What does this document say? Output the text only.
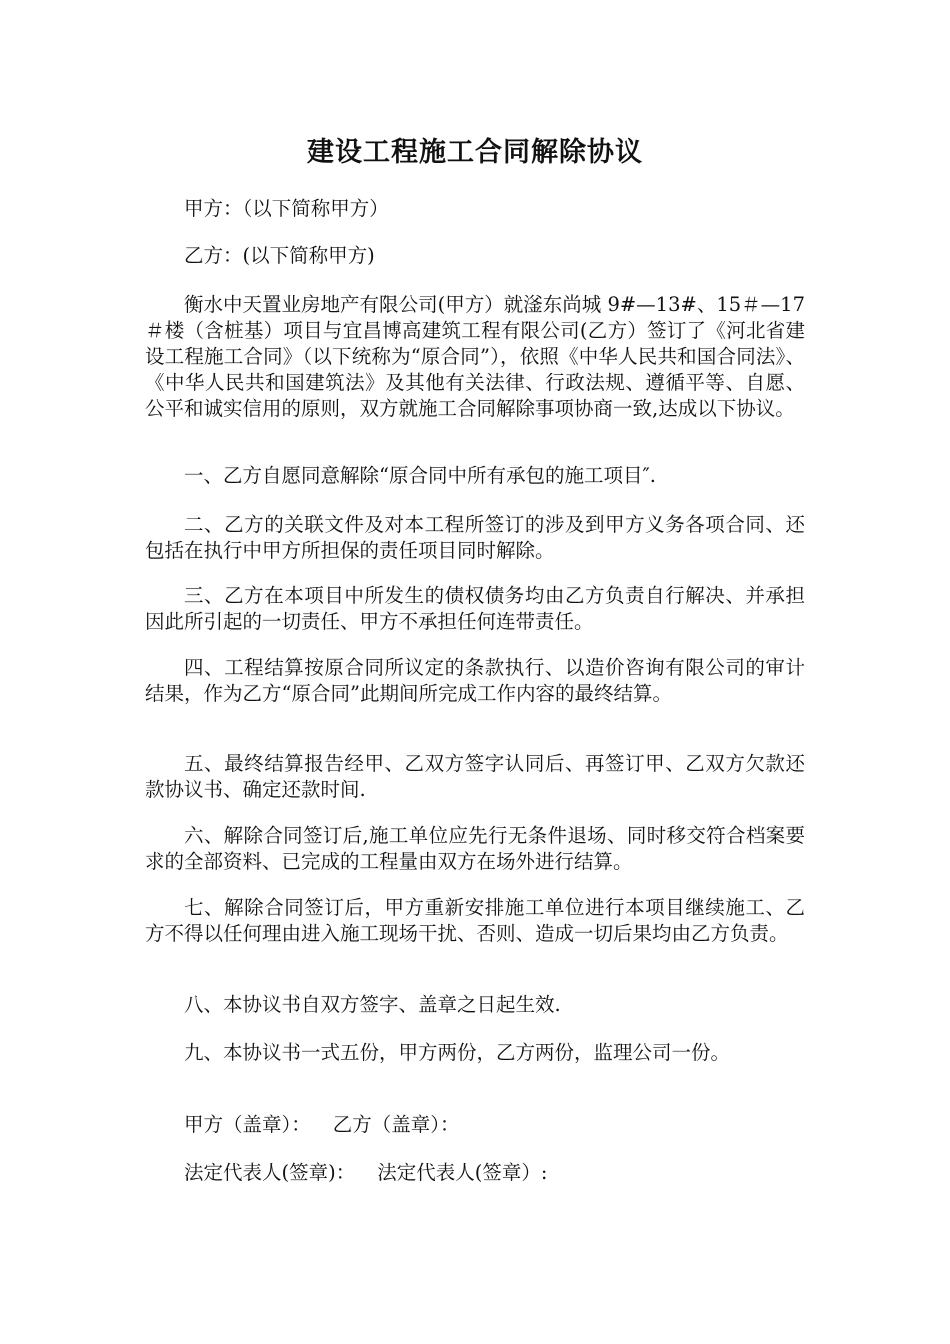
建设工程施工合同解除协议

甲方：（以下简称甲方）

乙方：(以下简称甲方)

衡水中天置业房地产有限公司(甲方）就滏东尚城 9#—13#、15＃—17＃楼（含桩基）项目与宜昌博高建筑工程有限公司(乙方）签订了《河北省建设工程施工合同》（以下统称为“原合同”），依照《中华人民共和国合同法》、《中华人民共和国建筑法》及其他有关法律、行政法规、遵循平等、自愿、公平和诚实信用的原则，双方就施工合同解除事项协商一致,达成以下协议。

一、乙方自愿同意解除“原合同中所有承包的施工项目″.

二、乙方的关联文件及对本工程所签订的涉及到甲方义务各项合同、还包括在执行中甲方所担保的责任项目同时解除。

三、乙方在本项目中所发生的债权债务均由乙方负责自行解决、并承担因此所引起的一切责任、甲方不承担任何连带责任。

四、工程结算按原合同所议定的条款执行、以造价咨询有限公司的审计结果，作为乙方“原合同”此期间所完成工作内容的最终结算。

五、最终结算报告经甲、乙双方签字认同后、再签订甲、乙双方欠款还款协议书、确定还款时间.

六、解除合同签订后,施工单位应先行无条件退场、同时移交符合档案要求的全部资料、已完成的工程量由双方在场外进行结算。

七、解除合同签订后，甲方重新安排施工单位进行本项目继续施工、乙方不得以任何理由进入施工现场干扰、否则、造成一切后果均由乙方负责。

八、本协议书自双方签字、盖章之日起生效.

九、本协议书一式五份，甲方两份，乙方两份，监理公司一份。

甲方（盖章）： 乙方（盖章）：

法定代表人(签章)： 法定代表人(签章）:
